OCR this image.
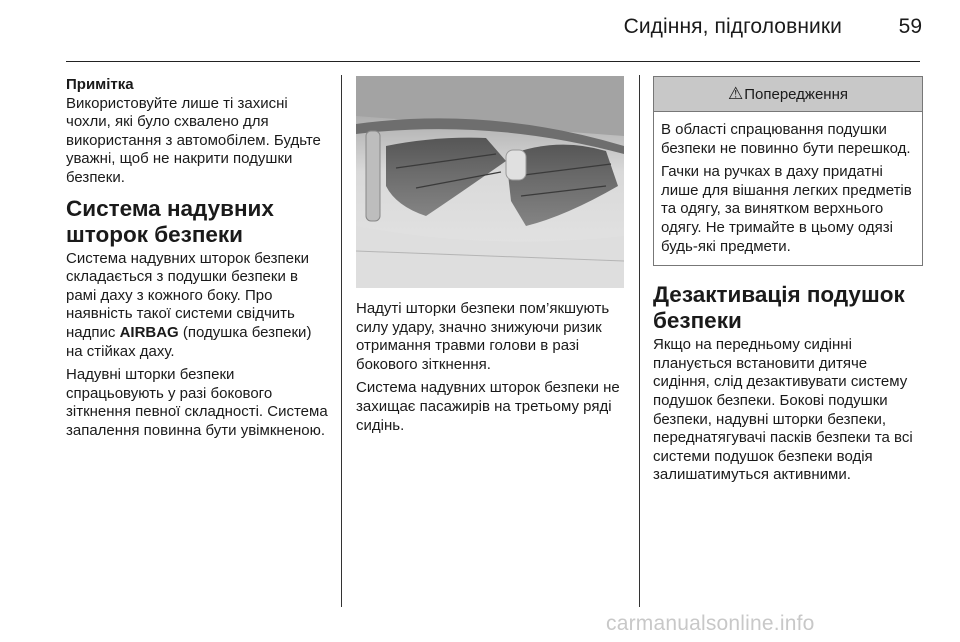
Сидіння, підголовники	59
Примітка

Використовуйте лише ті захисні чохли, які було схвалено для використання з автомобілем. Будьте уважні, щоб не накрити подушки безпеки.

Система надувних шторок безпеки

Система надувних шторок безпеки складається з подушки безпеки в рамі даху з кожного боку. Про наявність такої системи свідчить надпис AIRBAG (подушка безпеки) на стійках даху.

Надувні шторки безпеки спрацьовують у разі бокового зіткнення певної складності. Система запалення повинна бути увімкненою.

Надуті шторки безпеки пом’якшують силу удару, значно знижуючи ризик отримання травми голови в разі бокового зіткнення.

Система надувних шторок безпеки не захищає пасажирів на третьому ряді сидінь.

⚠Попередження

В області спрацювання подушки безпеки не повинно бути перешкод.

Гачки на ручках в даху придатні лише для вішання легких предметів та одягу, за винятком верхнього одягу. Не тримайте в цьому одязі будь-які предмети.

Дезактивація подушок безпеки

Якщо на передньому сидінні планується встановити дитяче сидіння, слід дезактивувати систему подушок безпеки. Бокові подушки безпеки, надувні шторки безпеки, переднатягувачі пасків безпеки та всі системи подушок безпеки водія залишатимуться активними.

carmanualsonline.info
